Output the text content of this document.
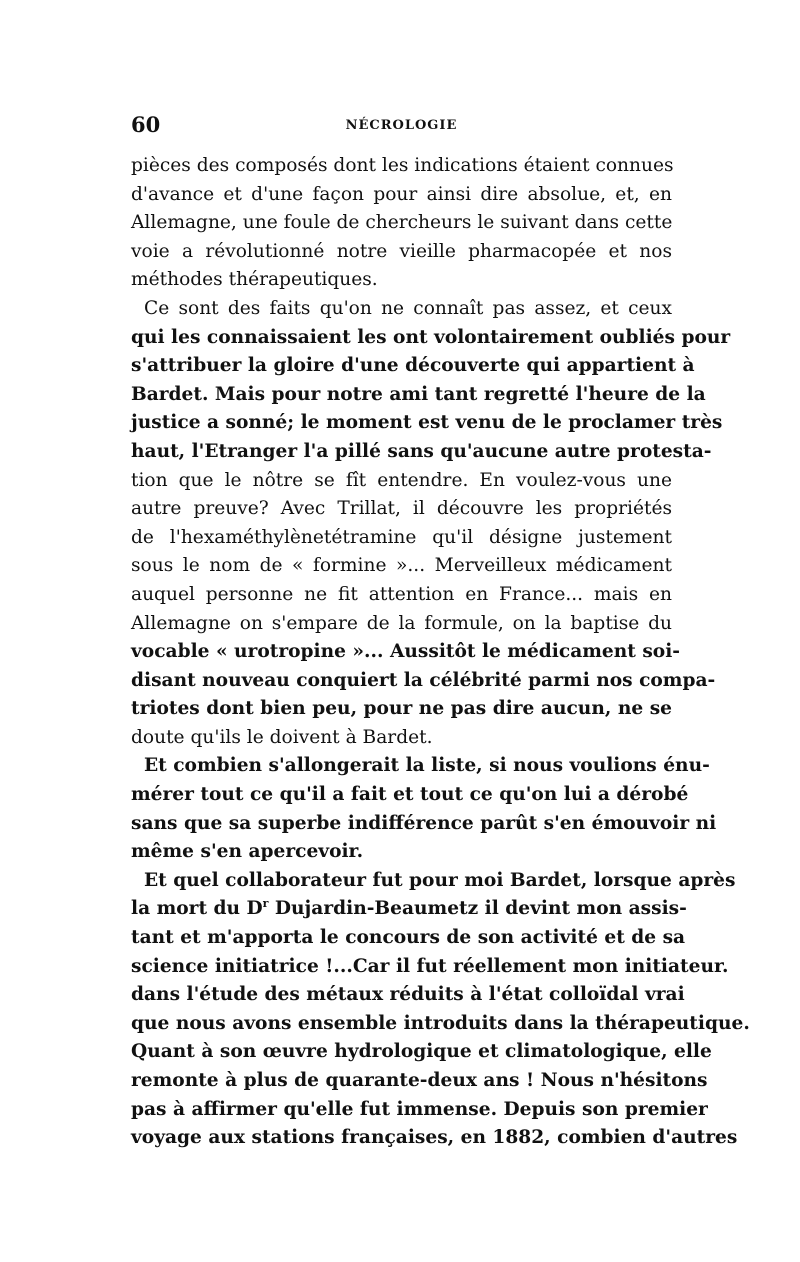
60	NÉCROLOGIE
pièces des composés dont les indications étaient connues
d'avance et d'une façon pour ainsi dire absolue, et, en
Allemagne, une foule de chercheurs le suivant dans cette
voie a révolutionné notre vieille pharmacopée et nos
méthodes thérapeutiques.
Ce sont des faits qu'on ne connaît pas assez, et ceux
qui les connaissaient les ont volontairement oubliés pour
s'attribuer la gloire d'une découverte qui appartient à
Bardet. Mais pour notre ami tant regretté l'heure de la
justice a sonné; le moment est venu de le proclamer très
haut, l'Etranger l'a pillé sans qu'aucune autre protesta-
tion que le nôtre se fît entendre. En voulez-vous une
autre preuve? Avec Trillat, il découvre les propriétés
de l'hexaméthylènetétramine qu'il désigne justement
sous le nom de « formine »... Merveilleux médicament
auquel personne ne fit attention en France... mais en
Allemagne on s'empare de la formule, on la baptise du
vocable « urotropine »... Aussitôt le médicament soi-
disant nouveau conquiert la célébrité parmi nos compa-
triotes dont bien peu, pour ne pas dire aucun, ne se
doute qu'ils le doivent à Bardet.
Et combien s'allongerait la liste, si nous voulions énu-
mérer tout ce qu'il a fait et tout ce qu'on lui a dérobé
sans que sa superbe indifférence parût s'en émouvoir ni
même s'en apercevoir.
Et quel collaborateur fut pour moi Bardet, lorsque après
la mort du $D^r$ Dujardin-Beaumetz il devint mon assis-
tant et m'apporta le concours de son activité et de sa
science initiatrice !...Car il fut réellement mon initiateur.
dans l'étude des métaux réduits à l'état colloïdal vrai
que nous avons ensemble introduits dans la thérapeutique.
Quant à son œuvre hydrologique et climatologique, elle
remonte à plus de quarante-deux ans ! Nous n'hésitons
pas à affirmer qu'elle fut immense. Depuis son premier
voyage aux stations françaises, en 1882, combien d'autres
